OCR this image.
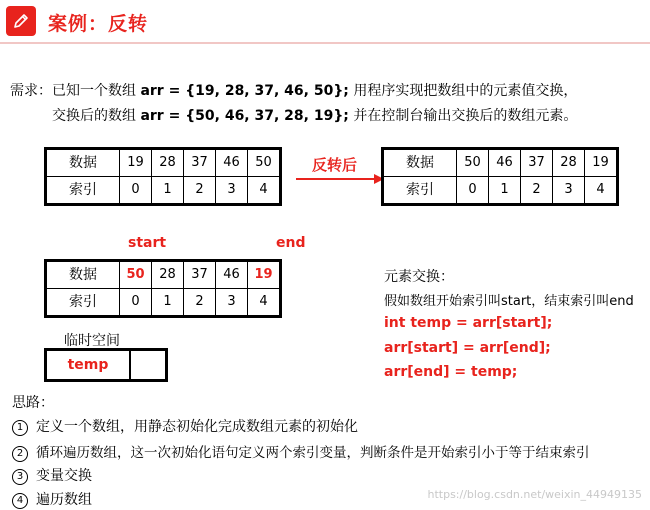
案例：反转
需求：已知一个数组 arr = {19, 28, 37, 46, 50}; 用程序实现把数组中的元素值交换，
交换后的数组 arr = {50, 46, 37, 28, 19}; 并在控制台输出交换后的数组元素。
数据	19	28	37	46	50
索引	0	1	2	3	4
反转后	数据	50	46	37	28	19
索引	0	1	2	3	4
start	end
数据	50	28	37	46	19
索引	0	1	2	3	4
临时空间
temp
元素交换：
假如数组开始索引叫start，结束索引叫end
int temp = arr[start];
arr[start] = arr[end];
arr[end] = temp;
思路：
1 定义一个数组，用静态初始化完成数组元素的初始化
2 循环遍历数组，这一次初始化语句定义两个索引变量，判断条件是开始索引小于等于结束索引
3 变量交换
4 遍历数组	https://blog.csdn.net/weixin_44949135
